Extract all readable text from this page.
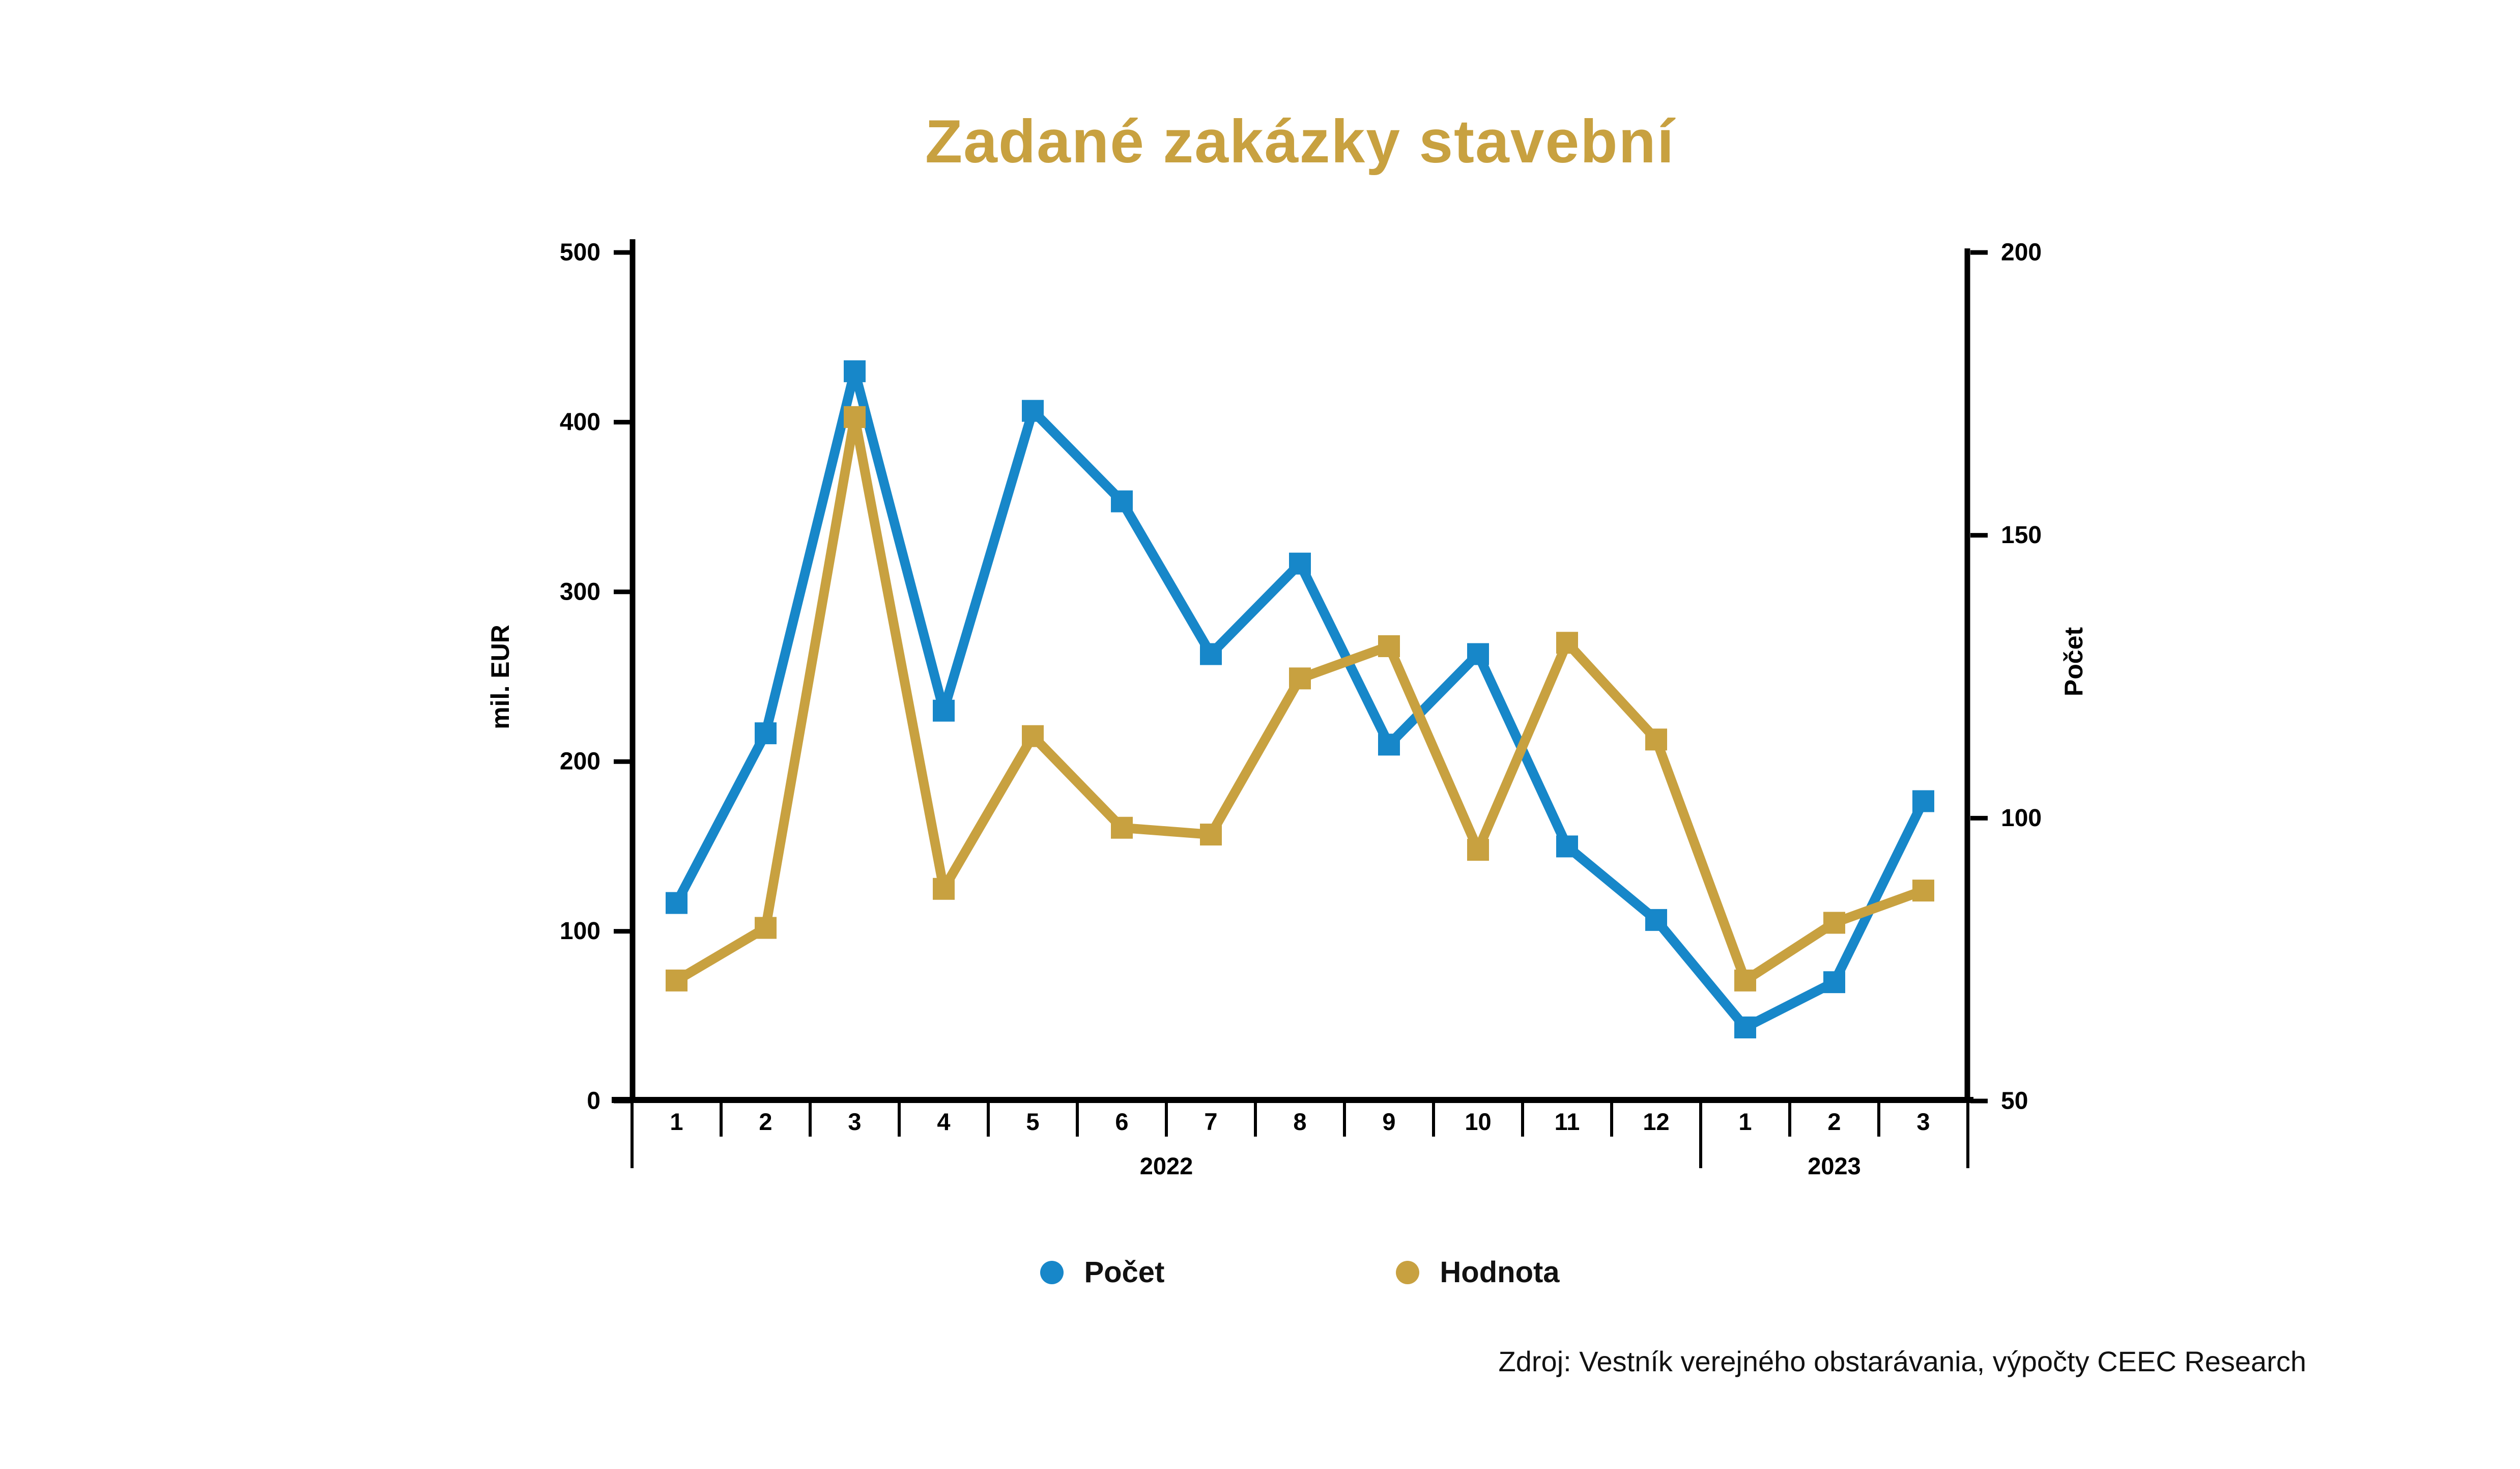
0
100
200
300
400
500
50
100
150
200
1	2	3	4	5	6	7	8	9	10	11	12	1	2	3
2022	2023
mil. EUR	Počet
Zadané zakázky stavební
Počet	Hodnota
Zdroj: Vestník verejného obstarávania, výpočty CEEC Research
